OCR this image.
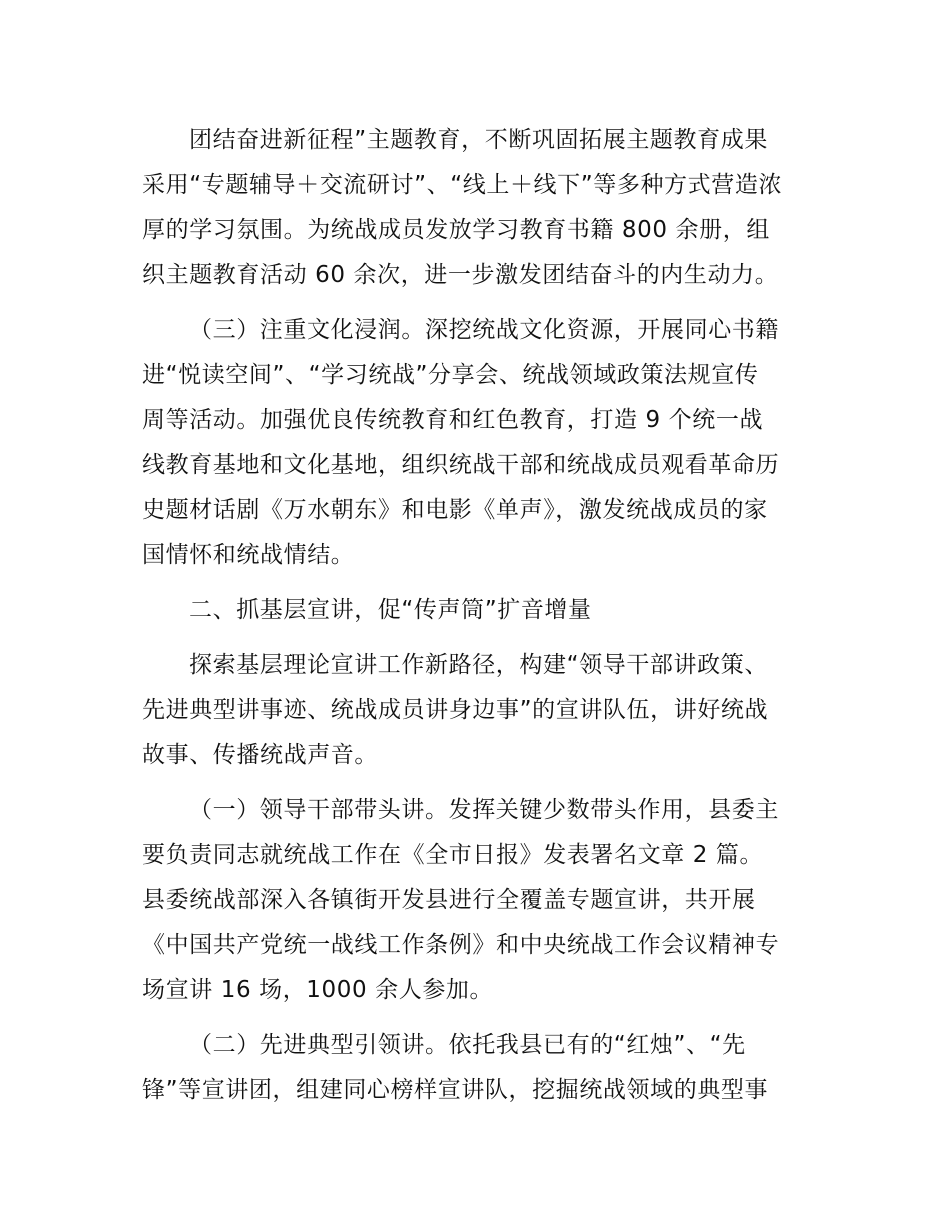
团结奋进新征程”主题教育，不断巩固拓展主题教育成果
采用“专题辅导＋交流研讨”、“线上＋线下”等多种方式营造浓
厚的学习氛围。为统战成员发放学习教育书籍 800 余册，组
织主题教育活动 60 余次，进一步激发团结奋斗的内生动力。
（三）注重文化浸润。深挖统战文化资源，开展同心书籍
进“悦读空间”、“学习统战”分享会、统战领域政策法规宣传
周等活动。加强优良传统教育和红色教育，打造 9 个统一战
线教育基地和文化基地，组织统战干部和统战成员观看革命历
史题材话剧《万水朝东》和电影《单声》，激发统战成员的家
国情怀和统战情结。
二、抓基层宣讲，促“传声筒”扩音增量
探索基层理论宣讲工作新路径，构建“领导干部讲政策、
先进典型讲事迹、统战成员讲身边事”的宣讲队伍，讲好统战
故事、传播统战声音。
（一）领导干部带头讲。发挥关键少数带头作用，县委主
要负责同志就统战工作在《全市日报》发表署名文章 2 篇。
县委统战部深入各镇街开发县进行全覆盖专题宣讲，共开展
《中国共产党统一战线工作条例》和中央统战工作会议精神专
场宣讲 16 场，1000 余人参加。
（二）先进典型引领讲。依托我县已有的“红烛”、“先
锋”等宣讲团，组建同心榜样宣讲队，挖掘统战领域的典型事
